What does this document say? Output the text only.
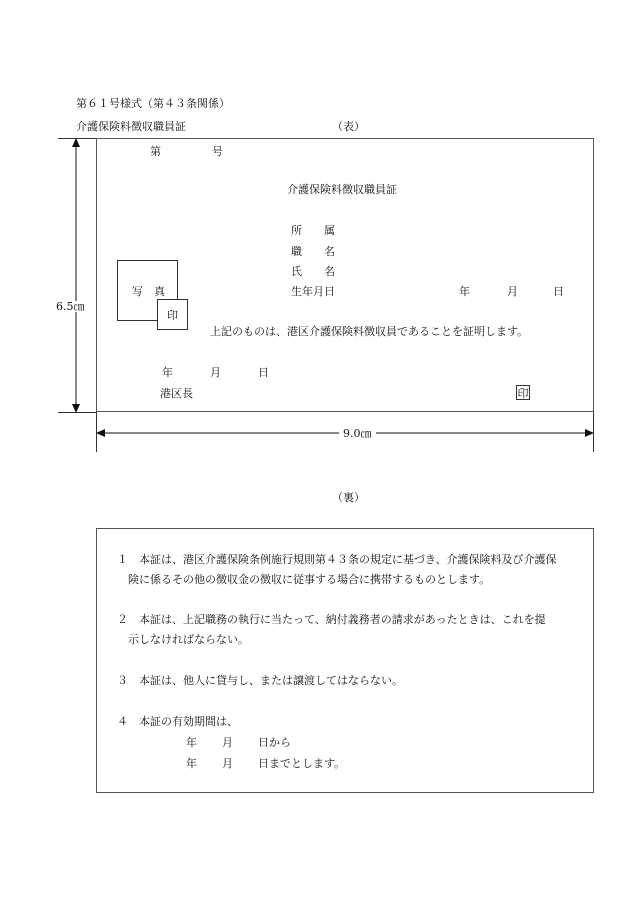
第６１号様式（第４３条関係）
介護保険料徴収職員証	（表）
第	号
介護保険料徴収職員証
所　　属
職　　名
氏　　名
生年月日	年	月	日
写　真
印
上記のものは、港区介護保険料徴収員であることを証明します。
年	月	日
港区長	印
6.5㎝
9.0㎝
（裏）
１　本証は、港区介護保険条例施行規則第４３条の規定に基づき、介護保険料及び介護保
険に係るその他の徴収金の徴収に従事する場合に携帯するものとします。
２　本証は、上記職務の執行に当たって、納付義務者の請求があったときは、これを提
示しなければならない。
３　本証は、他人に貸与し、または譲渡してはならない。
４　本証の有効期間は、
年 月 日から
年 月 日までとします。
